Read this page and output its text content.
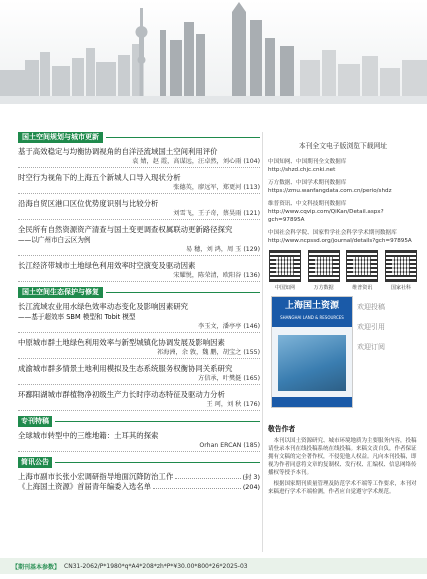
国土空间规划与城市更新
基于高效稳定与均衡协调视角的自洋泾流域国土空间利用评价
袁 婧，赵 霞，高谋远，汪卓然，刘心雨 (104)
时空行为视角下的上海五个新城人口导入现状分析
张德英，廖远军，郑更河 (113)
沿海自贸区港口区位优势度识别与比较分析
刘雪飞，王子奇，蔡昊雨 (121)
全民所有自然资源资产清查与国土变更调查权属联动更新路径探究
——以广州市白云区为例
易 穗，刘 鸿，周 玉 (129)
长江经济带城市土地绿色利用效率时空演变及驱动因素
宋耀悦，陈荣清，欧阳谷 (136)
国土空间生态保护与修复
长江流域农业用水绿色效率动态变化及影响因素研究
——基于超效率 SBM 模型和 Tobit 模型
李玉文，潘亭亭 (146)
中原城市群土地绿色利用效率与新型城镇化协调发展及影响因素
祁海洲，余 敦，魏 鹏，胡宝之 (155)
成渝城市群多情景土地利用模拟及生态系统服务权衡协同关系研究
方信承，叶樊挺 (165)
环鄱阳湖城市群植物净初级生产力长时序动态特征及驱动力分析
王 珂，刘 秋 (176)
专刊特稿
全球城市转型中的三维地籍：土耳其的探索
Orhan ERCAN (185)
简讯公告
上海市副市长张小宏调研指导地面沉降防治工作	(封 3)
《上海国土资源》首届青年编委入选名单	(204)
本刊全文电子版浏览下载网址
中国知网、中国期刊全文数据库
http://shzd.chjc.cnki.net
万方数据、中国学术期刊数据库
https://zmu.wanfangdata.com.cn/perio/shdz
维普资讯、中文科技期刊数据库
http://www.cqvip.com/QiKan/Detail.aspx?gch=97895A
中国社会科学院、国家哲学社会科学学术期刊数据库
http://www.ncpssd.org/journal/details?gch=97895A
中国知网	万方数据	维普资讯	国家社科
上海国土资源
SHANGHAI LAND & RESOURCES
欢迎投稿
欢迎引用
欢迎订阅
敬告作者

本刊以国土资源研究、城市环境地质为主要服务内容，投稿请登录本刊在线投稿系统在线投稿。来稿文责自负，作者保证拥有文稿的完全著作权，不侵犯他人权益。凡向本刊投稿，即视为作者同意将文章的复制权、发行权、汇编权、信息网络传播权等授予本刊。

根据国家期刊质量管理及防范学术不端等工作要求，本刊对来稿进行学术不端检测，作者应自觉遵守学术规范。

【期刊基本参数】 CN31-2062/P*1980*q*A4*208*zh*P*¥30.00*800*26*2025-03
